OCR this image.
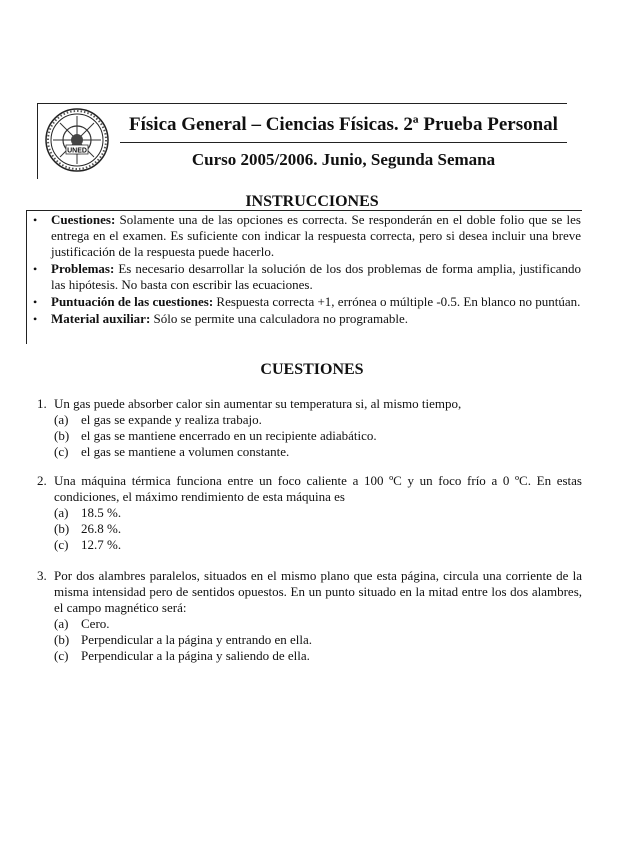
UNED
Física General – Ciencias Físicas. 2ª Prueba Personal
Curso 2005/2006. Junio, Segunda Semana
INSTRUCCIONES
•	Cuestiones: Solamente una de las opciones es correcta. Se responderán en el doble folio que se les entrega en el examen. Es suficiente con indicar la respuesta correcta, pero si desea incluir una breve justificación de la respuesta puede hacerlo.
•	Problemas: Es necesario desarrollar la solución de los dos problemas de forma amplia, justificando las hipótesis. No basta con escribir las ecuaciones.
•	Puntuación de las cuestiones: Respuesta correcta +1, errónea o múltiple -0.5. En blanco no puntúan.
•	Material auxiliar: Sólo se permite una calculadora no programable.
CUESTIONES
1. Un gas puede absorber calor sin aumentar su temperatura si, al mismo tiempo,
(a) el gas se expande y realiza trabajo.
(b) el gas se mantiene encerrado en un recipiente adiabático.
(c) el gas se mantiene a volumen constante.
2. Una máquina térmica funciona entre un foco caliente a 100 ºC y un foco frío a 0 ºC. En estas condiciones, el máximo rendimiento de esta máquina es
(a) 18.5 %.
(b) 26.8 %.
(c) 12.7 %.
3. Por dos alambres paralelos, situados en el mismo plano que esta página, circula una corriente de la misma intensidad pero de sentidos opuestos. En un punto situado en la mitad entre los dos alambres, el campo magnético será:
(a) Cero.
(b) Perpendicular a la página y entrando en ella.
(c) Perpendicular a la página y saliendo de ella.
